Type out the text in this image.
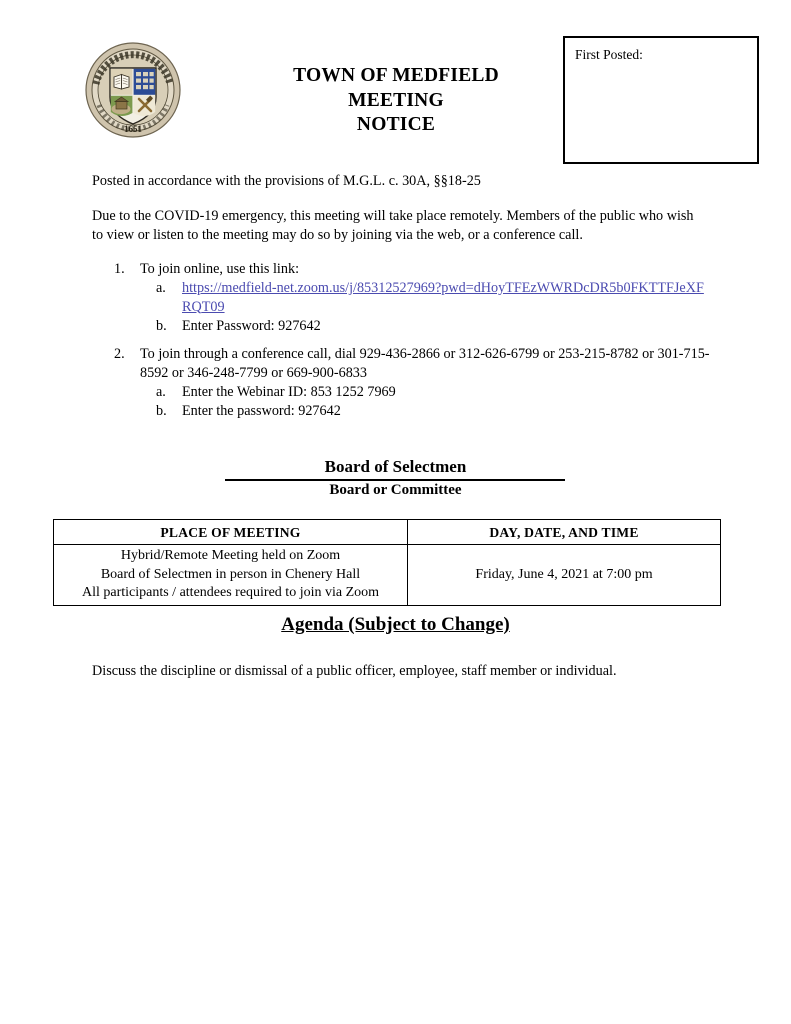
1651
TOWN OF MEDFIELD
MEETING
NOTICE
First Posted:
Posted in accordance with the provisions of M.G.L. c. 30A, §§18-25
Due to the COVID-19 emergency, this meeting will take place remotely. Members of the public who wish to view or listen to the meeting may do so by joining via the web, or a conference call.
1.	To join online, use this link:
a.	https://medfield-net.zoom.us/j/85312527969?pwd=dHoyTFEzWWRDcDR5b0FKTTFJeXFRQT09
b.	Enter Password: 927642
2.	To join through a conference call, dial 929-436-2866 or 312-626-6799 or 253-215-8782 or 301-715-8592 or 346-248-7799 or 669-900-6833
a.	Enter the Webinar ID: 853 1252 7969
b.	Enter the password: 927642
Board of Selectmen
Board or Committee
PLACE OF MEETING	DAY, DATE, AND TIME

Hybrid/Remote Meeting held on Zoom
Board of Selectmen in person in Chenery Hall
All participants / attendees required to join via Zoom	Friday, June 4, 2021 at 7:00 pm
Agenda (Subject to Change)
Discuss the discipline or dismissal of a public officer, employee, staff member or individual.
